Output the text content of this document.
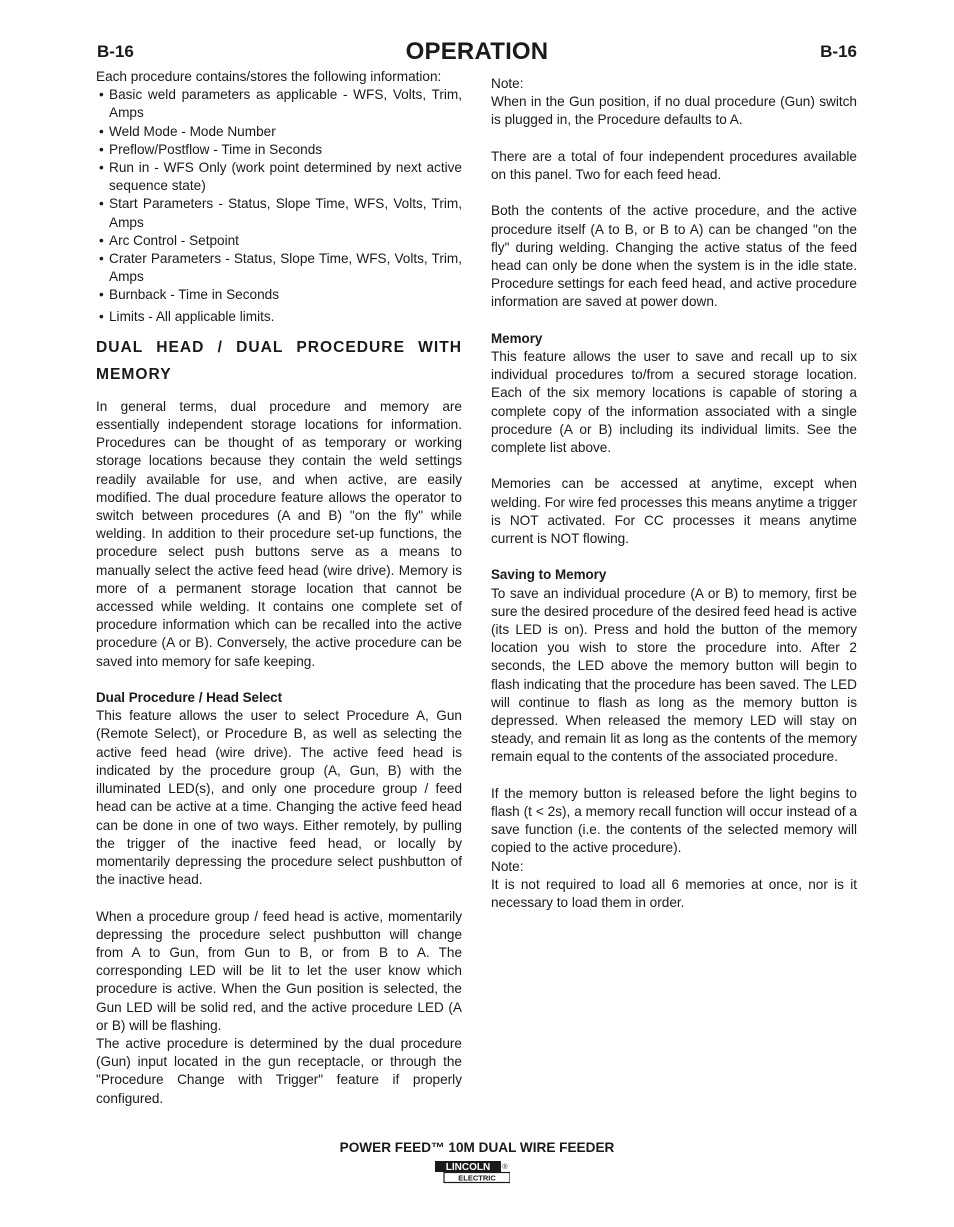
B-16	OPERATION	B-16

Each procedure contains/stores the following information:

• Basic weld parameters as applicable - WFS, Volts, Trim, Amps
• Weld Mode - Mode Number
• Preflow/Postflow - Time in Seconds
• Run in - WFS Only (work point determined by next active sequence state)
• Start Parameters - Status, Slope Time, WFS, Volts, Trim, Amps
• Arc Control - Setpoint
• Crater Parameters - Status, Slope Time, WFS, Volts, Trim, Amps
• Burnback - Time in Seconds
• Limits - All applicable limits.
DUAL HEAD / DUAL PROCEDURE WITH MEMORY

In general terms, dual procedure and memory are essentially independent storage locations for information. Procedures can be thought of as temporary or working storage locations because they contain the weld settings readily available for use, and when active, are easily modified. The dual procedure feature allows the operator to switch between procedures (A and B) "on the fly" while welding. In addition to their procedure set-up functions, the procedure select push buttons serve as a means to manually select the active feed head (wire drive). Memory is more of a permanent storage location that cannot be accessed while welding. It contains one complete set of procedure information which can be recalled into the active procedure (A or B). Conversely, the active procedure can be saved into memory for safe keeping.

Dual Procedure / Head Select

This feature allows the user to select Procedure A, Gun (Remote Select), or Procedure B, as well as selecting the active feed head (wire drive). The active feed head is indicated by the procedure group (A, Gun, B) with the illuminated LED(s), and only one procedure group / feed head can be active at a time. Changing the active feed head can be done in one of two ways. Either remotely, by pulling the trigger of the inactive feed head, or locally by momentarily depressing the procedure select pushbutton of the inactive head.

When a procedure group / feed head is active, momentarily depressing the procedure select pushbutton will change from A to Gun, from Gun to B, or from B to A. The corresponding LED will be lit to let the user know which procedure is active. When the Gun position is selected, the Gun LED will be solid red, and the active procedure LED (A or B) will be flashing.

The active procedure is determined by the dual procedure (Gun) input located in the gun receptacle, or through the "Procedure Change with Trigger" feature if properly configured.

Note:

When in the Gun position, if no dual procedure (Gun) switch is plugged in, the Procedure defaults to A.

There are a total of four independent procedures available on this panel. Two for each feed head.

Both the contents of the active procedure, and the active procedure itself (A to B, or B to A) can be changed "on the fly" during welding. Changing the active status of the feed head can only be done when the system is in the idle state. Procedure settings for each feed head, and active procedure information are saved at power down.

Memory

This feature allows the user to save and recall up to six individual procedures to/from a secured storage location. Each of the six memory locations is capable of storing a complete copy of the information associated with a single procedure (A or B) including its individual limits. See the complete list above.

Memories can be accessed at anytime, except when welding. For wire fed processes this means anytime a trigger is NOT activated. For CC processes it means anytime current is NOT flowing.

Saving to Memory

To save an individual procedure (A or B) to memory, first be sure the desired procedure of the desired feed head is active (its LED is on). Press and hold the button of the memory location you wish to store the procedure into. After 2 seconds, the LED above the memory button will begin to flash indicating that the procedure has been saved. The LED will continue to flash as long as the memory button is depressed. When released the memory LED will stay on steady, and remain lit as long as the contents of the memory remain equal to the contents of the associated procedure.

If the memory button is released before the light begins to flash (t < 2s), a memory recall function will occur instead of a save function (i.e. the contents of the selected memory will copied to the active procedure).

Note:

It is not required to load all 6 memories at once, nor is it necessary to load them in order.

POWER FEED™ 10M DUAL WIRE FEEDER
LINCOLN ®
ELECTRIC
